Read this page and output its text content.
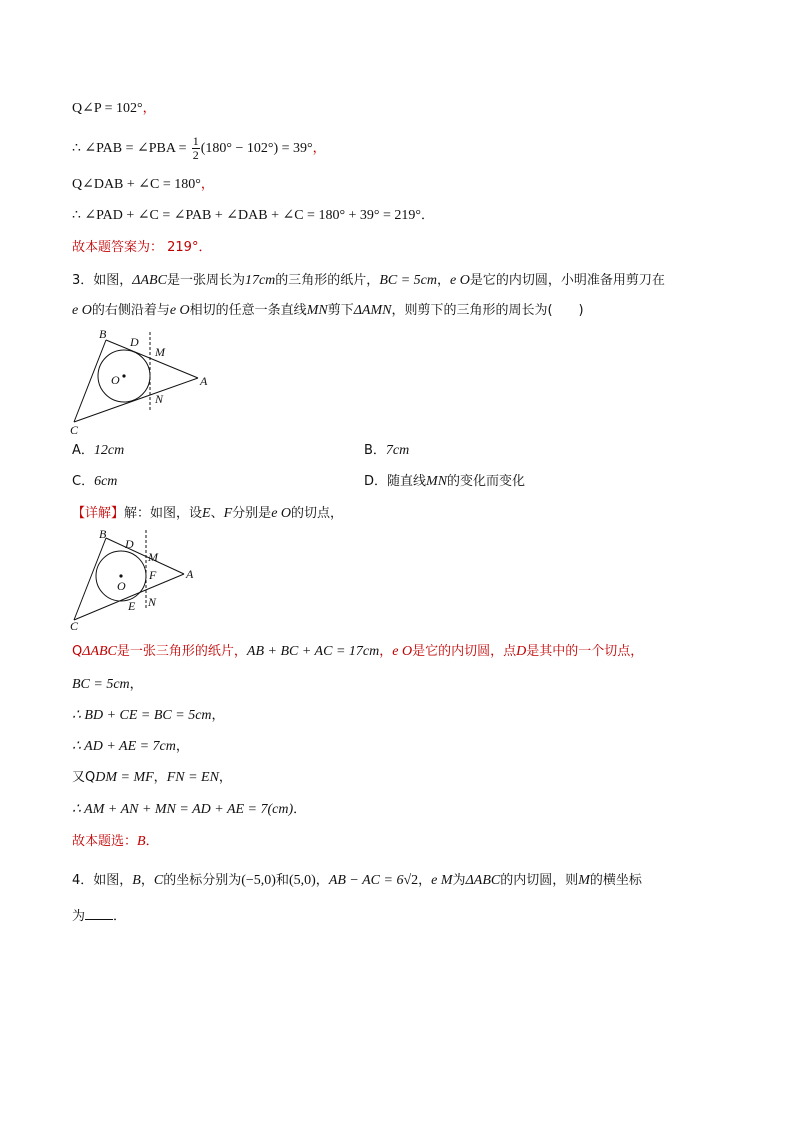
Q∠P = 102°，
∴ ∠PAB = ∠PBA = $\frac{1}{2} (180^\circ - 102^\circ) = 39^\circ$，
Q∠DAB + ∠C = 180°，
∴ ∠PAD + ∠C = ∠PAB + ∠DAB + ∠C = 180° + 39° = 219°．
故本题答案为： 219°．
3．如图，ΔABC是一张周长为17cm的三角形的纸片，BC = 5cm，e O是它的内切圆，小明准备用剪刀在
e O的右侧沿着与e O相切的任意一条直线MN剪下ΔAMN，则剪下的三角形的周长为(　　)
B
D
M
O	A
N
C
A．12cm	B．7cm
C．6cm	D．随直线MN的变化而变化
【详解】解：如图，设E、F分别是e O的切点，
B
D
M
F A
O
E N
C
QΔABC是一张三角形的纸片，AB + BC + AC = 17cm，e O是它的内切圆，点D是其中的一个切点，
BC = 5cm，
∴ BD + CE = BC = 5cm，
∴ AD + AE = 7cm，
又QDM = MF，FN = EN，
∴ AM + AN + MN = AD + AE = 7(cm)．
故本题选：B．
4．如图，B，C的坐标分别为(−5,0)和(5,0)，AB − AC = 6√2，e M为ΔABC的内切圆，则M的横坐标
为 ．
